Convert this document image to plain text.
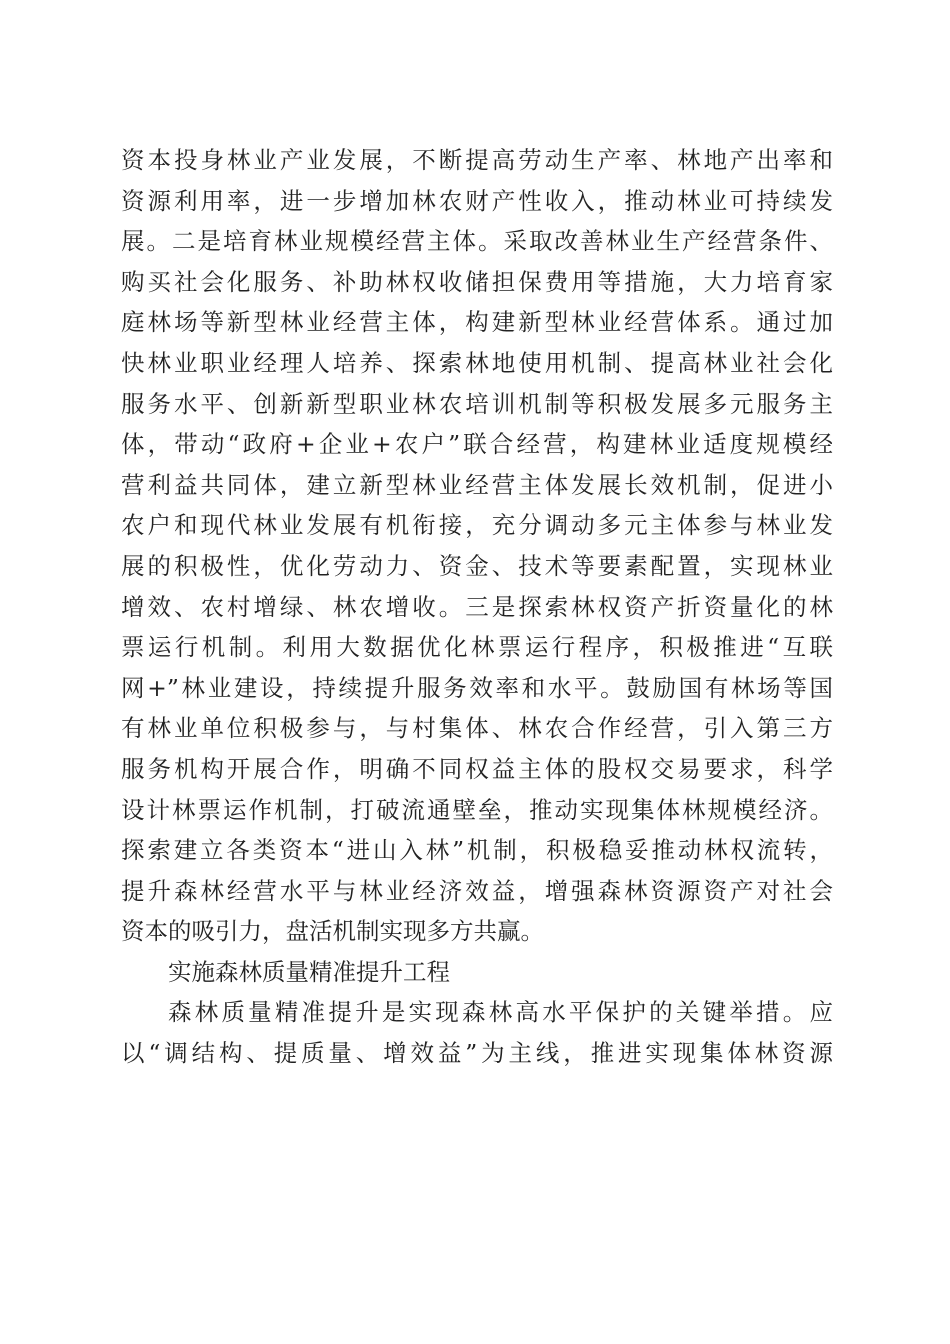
资本投身林业产业发展，不断提高劳动生产率、林地产出率和
资源利用率，进一步增加林农财产性收入，推动林业可持续发
展。二是培育林业规模经营主体。采取改善林业生产经营条件、
购买社会化服务、补助林权收储担保费用等措施，大力培育家
庭林场等新型林业经营主体，构建新型林业经营体系。通过加
快林业职业经理人培养、探索林地使用机制、提高林业社会化
服务水平、创新新型职业林农培训机制等积极发展多元服务主
体，带动“政府+企业+农户”联合经营，构建林业适度规模经
营利益共同体，建立新型林业经营主体发展长效机制，促进小
农户和现代林业发展有机衔接，充分调动多元主体参与林业发
展的积极性，优化劳动力、资金、技术等要素配置，实现林业
增效、农村增绿、林农增收。三是探索林权资产折资量化的林
票运行机制。利用大数据优化林票运行程序，积极推进“互联
网+”林业建设，持续提升服务效率和水平。鼓励国有林场等国
有林业单位积极参与，与村集体、林农合作经营，引入第三方
服务机构开展合作，明确不同权益主体的股权交易要求，科学
设计林票运作机制，打破流通壁垒，推动实现集体林规模经济。
探索建立各类资本“进山入林”机制，积极稳妥推动林权流转，
提升森林经营水平与林业经济效益，增强森林资源资产对社会
资本的吸引力，盘活机制实现多方共赢。
实施森林质量精准提升工程
森林质量精准提升是实现森林高水平保护的关键举措。应
以“调结构、提质量、增效益”为主线，推进实现集体林资源
